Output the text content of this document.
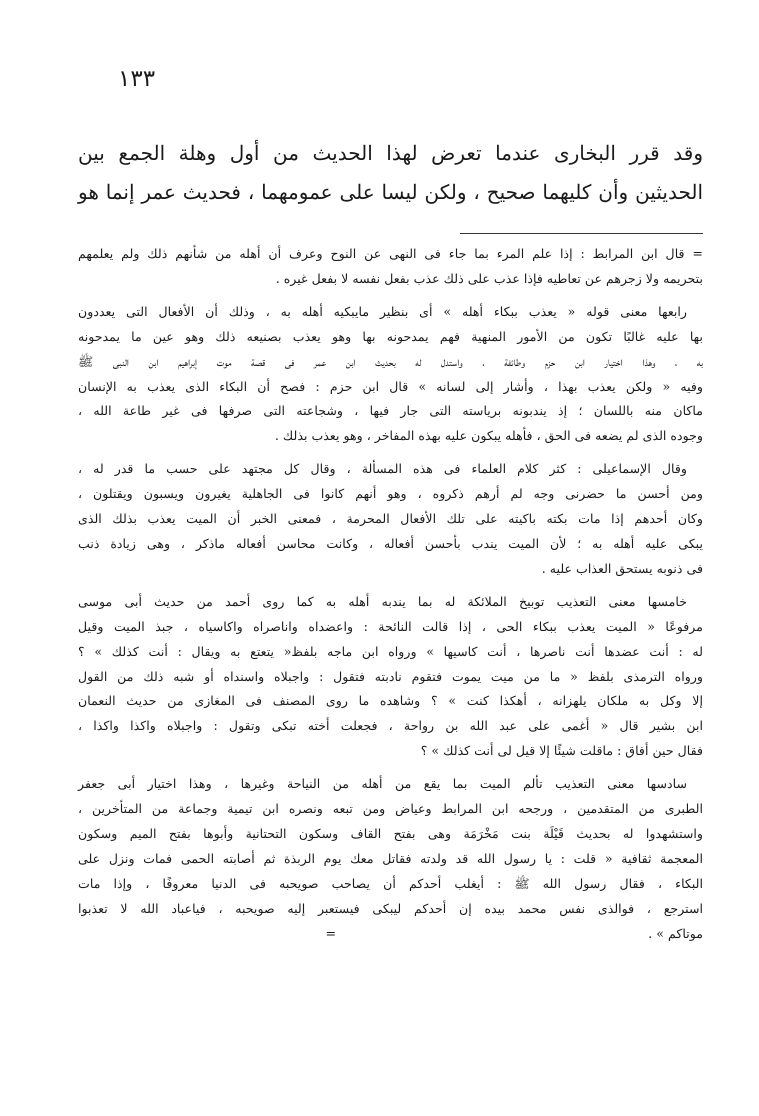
١٣٣
وقد قرر البخارى عندما تعرض لهذا الحديث من أول وهلة الجمع بين
الحديثين وأن كليهما صحيح ، ولكن ليسا على عمومهما ، فحديث عمر إنما هو

= قال ابن المرابط : إذا علم المرء بما جاء فى النهى عن النوح وعرف أن أهله من شأنهم ذلك ولم يعلمهم
بتحريمه ولا زجرهم عن تعاطيه فإذا عذب على ذلك عذب بفعل نفسه لا بفعل غيره .

رابعها معنى قوله « يعذب ببكاء أهله » أى بنظير مايبكيه أهله به ، وذلك أن الأفعال التى يعددون
بها عليه غالبًا تكون من الأمور المنهية فهم يمدحونه بها وهو يعذب بصنيعه ذلك وهو عين ما يمدحونه
به ، وهذا اختيار ابن حزم وطائفة ، واستدل له بحديث ابن عمر فى قصة موت إبراهيم ابن النبى ﷺ
وفيه « ولكن يعذب بهذا ، وأشار إلى لسانه » قال ابن حزم : فصح أن البكاء الذى يعذب به الإنسان
ماكان منه باللسان ؛ إذ يندبونه برياسته التى جار فيها ، وشجاعته التى صرفها فى غير طاعة الله ،
وجوده الذى لم يضعه فى الحق ، فأهله يبكون عليه بهذه المفاخر ، وهو يعذب بذلك .

وقال الإسماعيلى : كثر كلام العلماء فى هذه المسألة ، وقال كل مجتهد على حسب ما قدر له ،
ومن أحسن ما حضرنى وجه لم أرهم ذكروه ، وهو أنهم كانوا فى الجاهلية يغيرون ويسبون ويقتلون ،
وكان أحدهم إذا مات بكته باكيته على تلك الأفعال المحرمة ، فمعنى الخبر أن الميت يعذب بذلك الذى
يبكى عليه أهله به ؛ لأن الميت يندب بأحسن أفعاله ، وكانت محاسن أفعاله ماذكر ، وهى زيادة ذنب
فى ذنوبه يستحق العذاب عليه .

خامسها معنى التعذيب توبيخ الملائكة له بما يندبه أهله به كما روى أحمد من حديث أبى موسى
مرفوعًا « الميت يعذب ببكاء الحى ، إذا قالت النائحة : واعضداه واناصراه واكاسياه ، جبذ الميت وقيل
له : أنت عضدها أنت ناصرها ، أنت كاسيها » ورواه ابن ماجه بلفظ« يتعتع به ويقال : أنت كذلك » ؟
ورواه الترمذى بلفظ « ما من ميت يموت فتقوم نادبته فتقول : واجبلاه واسنداه أو شبه ذلك من القول
إلا وكل به ملكان يلهزانه ، أهكذا كنت » ؟ وشاهده ما روى المصنف فى المغازى من حديث النعمان
ابن بشير قال « أغمى على عبد الله بن رواحة ، فجعلت أخته تبكى وتقول : واجبلاه واكذا واكذا ،
فقال حين أفاق : ماقلت شيئًا إلا قيل لى أنت كذلك » ؟

سادسها معنى التعذيب تألم الميت بما يقع من أهله من النياحة وغيرها ، وهذا اختيار أبى جعفر
الطبرى من المتقدمين ، ورجحه ابن المرابط وعياض ومن تبعه ونصره ابن تيمية وجماعة من المتأخرين ،
واستشهدوا له بحديث قَيْلَة بنت مَخْرَمَة وهى بفتح القاف وسكون التحتانية وأبوها بفتح الميم وسكون
المعجمة ثقافية « قلت : يا رسول الله قد ولدته فقاتل معك يوم الربذة ثم أصابته الحمى فمات ونزل على
البكاء ، فقال رسول الله ﷺ : أيغلب أحدكم أن يصاحب صويحبه فى الدنيا معروفًا ، وإذا مات
استرجع ، فوالذى نفس محمد بيده إن أحدكم ليبكى فيستعبر إليه صويحبه ، فياعباد الله لا تعذبوا
موتاكم » .                                                                              =
